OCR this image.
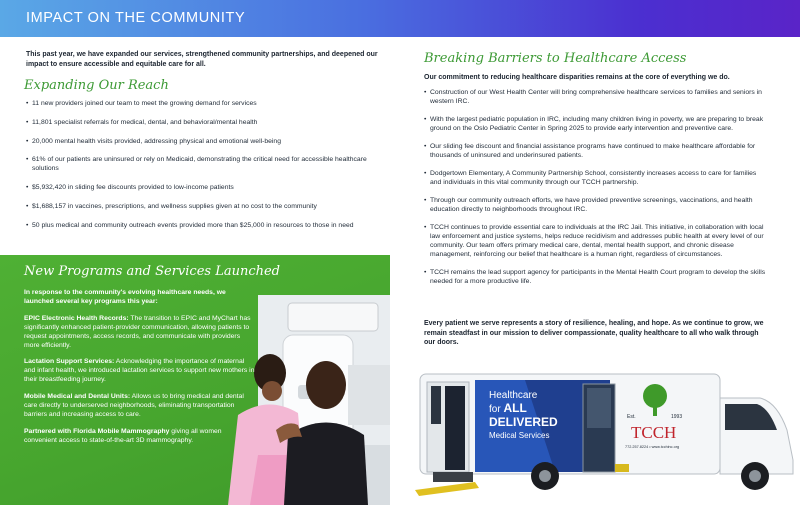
IMPACT ON THE COMMUNITY
This past year, we have expanded our services, strengthened community partnerships, and deepened our impact to ensure accessible and equitable care for all.
Expanding Our Reach
• 11 new providers joined our team to meet the growing demand for services
• 11,801 specialist referrals for medical, dental, and behavioral/mental health
• 20,000 mental health visits provided, addressing physical and emotional well-being
• 61% of our patients are uninsured or rely on Medicaid, demonstrating the critical need for accessible healthcare solutions
• $5,932,420 in sliding fee discounts provided to low-income patients
• $1,688,157 in vaccines, prescriptions, and wellness supplies given at no cost to the community
• 50 plus medical and community outreach events provided more than $25,000 in resources to those in need
New Programs and Services Launched

In response to the community's evolving healthcare needs, we launched several key programs this year:

EPIC Electronic Health Records: The transition to EPIC and MyChart has significantly enhanced patient-provider communication, allowing patients to request appointments, access records, and communicate with providers more efficiently.

Lactation Support Services: Acknowledging the importance of maternal and infant health, we introduced lactation services to support new mothers in their breastfeeding journey.

Mobile Medical and Dental Units: Allows us to bring medical and dental care directly to underserved neighborhoods, eliminating transportation barriers and increasing access to care.

Partnered with Florida Mobile Mammography giving all women convenient access to state-of-the-art 3D mammography.

Breaking Barriers to Healthcare Access
Our commitment to reducing healthcare disparities remains at the core of everything we do.
• Construction of our West Health Center will bring comprehensive healthcare services to families and seniors in western IRC.
• With the largest pediatric population in IRC, including many children living in poverty, we are preparing to break ground on the Oslo Pediatric Center in Spring 2025 to provide early intervention and preventive care.
• Our sliding fee discount and financial assistance programs have continued to make healthcare affordable for thousands of uninsured and underinsured patients.
• Dodgertown Elementary, A Community Partnership School, consistently increases access to care for families and individuals in this vital community through our TCCH partnership.
• Through our community outreach efforts, we have provided preventive screenings, vaccinations, and health education directly to neighborhoods throughout IRC.
• TCCH continues to provide essential care to individuals at the IRC Jail. This initiative, in collaboration with local law enforcement and justice systems, helps reduce recidivism and addresses public health at every level of our community. Our team offers primary medical care, dental, mental health support, and chronic disease management, reinforcing our belief that healthcare is a human right, regardless of circumstances.
• TCCH remains the lead support agency for participants in the Mental Health Court program to develop the skills needed for a more productive life.
Every patient we serve represents a story of resilience, healing, and hope. As we continue to grow, we remain steadfast in our mission to deliver compassionate, quality healthcare to all who walk through our doors.
Healthcare
for ALL
DELIVERED
Medical Services
Est.	1993
TCCH
772.257.8224 • www.tcchinc.org
